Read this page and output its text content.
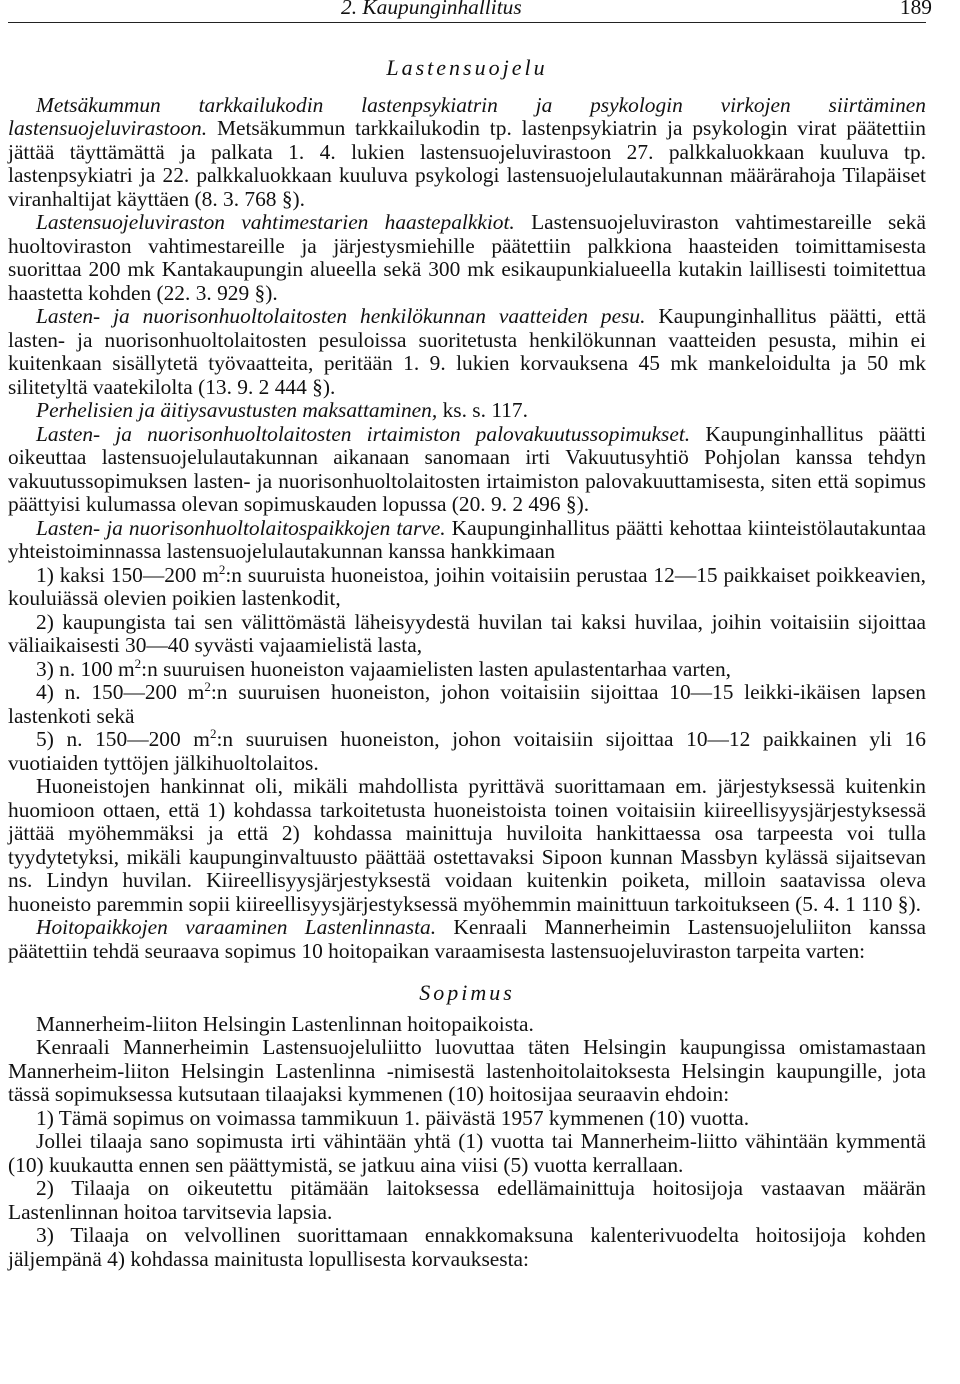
2. Kaupunginhallitus	189
Lastensuojelu

Metsäkummun tarkkailukodin lastenpsykiatrin ja psykologin virkojen siirtäminen lastensuojeluvirastoon. Metsäkummun tarkkailukodin tp. lastenpsykiatrin ja psykologin virat päätettiin jättää täyttämättä ja palkata 1. 4. lukien lastensuojeluvirastoon 27. palkkaluokkaan kuuluva tp. lastenpsykiatri ja 22. palkkaluokkaan kuuluva psykologi lastensuojelulautakunnan määrärahoja Tilapäiset viranhaltijat käyttäen (8. 3. 768 §).

Lastensuojeluviraston vahtimestarien haastepalkkiot. Lastensuojeluviraston vahtimestareille sekä huoltoviraston vahtimestareille ja järjestysmiehille päätettiin palkkiona haasteiden toimittamisesta suorittaa 200 mk Kantakaupungin alueella sekä 300 mk esikaupunkialueella kutakin laillisesti toimitettua haastetta kohden (22. 3. 929 §).

Lasten- ja nuorisonhuoltolaitosten henkilökunnan vaatteiden pesu. Kaupunginhallitus päätti, että lasten- ja nuorisonhuoltolaitosten pesuloissa suoritetusta henkilökunnan vaatteiden pesusta, mihin ei kuitenkaan sisällytetä työvaatteita, peritään 1. 9. lukien korvauksena 45 mk mankeloidulta ja 50 mk silitetyltä vaatekilolta (13. 9. 2 444 §).

Perhelisien ja äitiysavustusten maksattaminen, ks. s. 117.

Lasten- ja nuorisonhuoltolaitosten irtaimiston palovakuutussopimukset. Kaupunginhallitus päätti oikeuttaa lastensuojelulautakunnan aikanaan sanomaan irti Vakuutusyhtiö Pohjolan kanssa tehdyn vakuutussopimuksen lasten- ja nuorisonhuoltolaitosten irtaimiston palovakuuttamisesta, siten että sopimus päättyisi kulumassa olevan sopimuskauden lopussa (20. 9. 2 496 §).

Lasten- ja nuorisonhuoltolaitospaikkojen tarve. Kaupunginhallitus päätti kehottaa kiinteistölautakuntaa yhteistoiminnassa lastensuojelulautakunnan kanssa hankkimaan

1) kaksi 150—200 $m^2:n$ suuruista huoneistoa, joihin voitaisiin perustaa 12—15 paikkaiset poikkeavien, kouluiässä olevien poikien lastenkodit,

2) kaupungista tai sen välittömästä läheisyydestä huvilan tai kaksi huvilaa, joihin voitaisiin sijoittaa väliaikaisesti 30—40 syvästi vajaamielistä lasta,

3) n. 100 $m^2:n$ suuruisen huoneiston vajaamielisten lasten apulastentarhaa varten,

4) n. 150—200 $m^2:n$ suuruisen huoneiston, johon voitaisiin sijoittaa 10—15 leikki-ikäisen lapsen lastenkoti sekä

5) n. 150—200 $m^2:n$ suuruisen huoneiston, johon voitaisiin sijoittaa 10—12 paikkainen yli 16 vuotiaiden tyttöjen jälkihuoltolaitos.

Huoneistojen hankinnat oli, mikäli mahdollista pyrittävä suorittamaan em. järjestyksessä kuitenkin huomioon ottaen, että 1) kohdassa tarkoitetusta huoneistoista toinen voitaisiin kiireellisyysjärjestyksessä jättää myöhemmäksi ja että 2) kohdassa mainittuja huviloita hankittaessa osa tarpeesta voi tulla tyydytetyksi, mikäli kaupunginvaltuusto päättää ostettavaksi Sipoon kunnan Massbyn kylässä sijaitsevan ns. Lindyn huvilan. Kiireellisyysjärjestyksestä voidaan kuitenkin poiketa, milloin saatavissa oleva huoneisto paremmin sopii kiireellisyysjärjestyksessä myöhemmin mainittuun tarkoitukseen (5. 4. 1 110 §).

Hoitopaikkojen varaaminen Lastenlinnasta. Kenraali Mannerheimin Lastensuojeluliiton kanssa päätettiin tehdä seuraava sopimus 10 hoitopaikan varaamisesta lastensuojeluviraston tarpeita varten:

Sopimus

Mannerheim-liiton Helsingin Lastenlinnan hoitopaikoista.

Kenraali Mannerheimin Lastensuojeluliitto luovuttaa täten Helsingin kaupungissa omistamastaan Mannerheim-liiton Helsingin Lastenlinna -nimisestä lastenhoitolaitoksesta Helsingin kaupungille, jota tässä sopimuksessa kutsutaan tilaajaksi kymmenen (10) hoitosijaa seuraavin ehdoin:

1) Tämä sopimus on voimassa tammikuun 1. päivästä 1957 kymmenen (10) vuotta.

Jollei tilaaja sano sopimusta irti vähintään yhtä (1) vuotta tai Mannerheim-liitto vähintään kymmentä (10) kuukautta ennen sen päättymistä, se jatkuu aina viisi (5) vuotta kerrallaan.

2) Tilaaja on oikeutettu pitämään laitoksessa edellämainittuja hoitosijoja vastaavan määrän Lastenlinnan hoitoa tarvitsevia lapsia.

3) Tilaaja on velvollinen suorittamaan ennakkomaksuna kalenterivuodelta hoitosijoja kohden jäljempänä 4) kohdassa mainitusta lopullisesta korvauksesta:
